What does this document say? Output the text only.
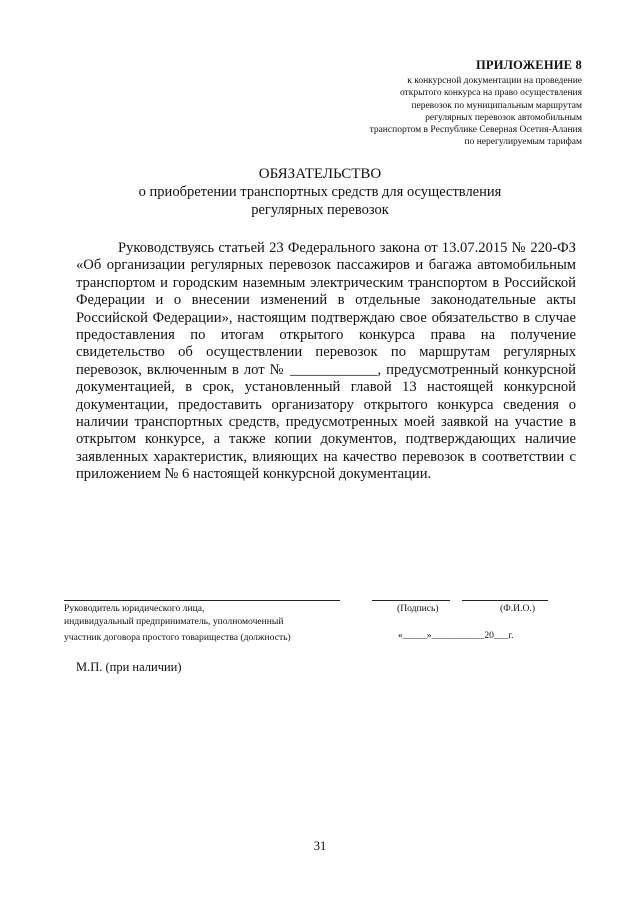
ПРИЛОЖЕНИЕ 8
к конкурсной документации на проведение
открытого конкурса на право осуществления
перевозок по муниципальным маршрутам
регулярных перевозок автомобильным
транспортом в Республике Северная Осетия-Алания
по нерегулируемым тарифам
ОБЯЗАТЕЛЬСТВО
о приобретении транспортных средств для осуществления
регулярных перевозок

Руководствуясь статьей 23 Федерального закона от 13.07.2015 № 220-ФЗ «Об организации регулярных перевозок пассажиров и багажа автомобильным транспортом и городским наземным электрическим транспортом в Российской Федерации и о внесении изменений в отдельные законодательные акты Российской Федерации», настоящим подтверждаю свое обязательство в случае предоставления по итогам открытого конкурса права на получение свидетельство об осуществлении перевозок по маршрутам регулярных перевозок, включенным в лот № ____________, предусмотренный конкурсной документацией, в срок, установленный главой 13 настоящей конкурсной документации, предоставить организатору открытого конкурса сведения о наличии транспортных средств, предусмотренных моей заявкой на участие в открытом конкурсе, а также копии документов, подтверждающих наличие заявленных характеристик, влияющих на качество перевозок в соответствии с приложением № 6 настоящей конкурсной документации.

Руководитель юридического лица,
индивидуальный предприниматель, уполномоченный
участник договора простого товарищества (должность)
(Подпись)	(Ф.И.О.)
«_____»___________20___г.
М.П. (при наличии)
31
